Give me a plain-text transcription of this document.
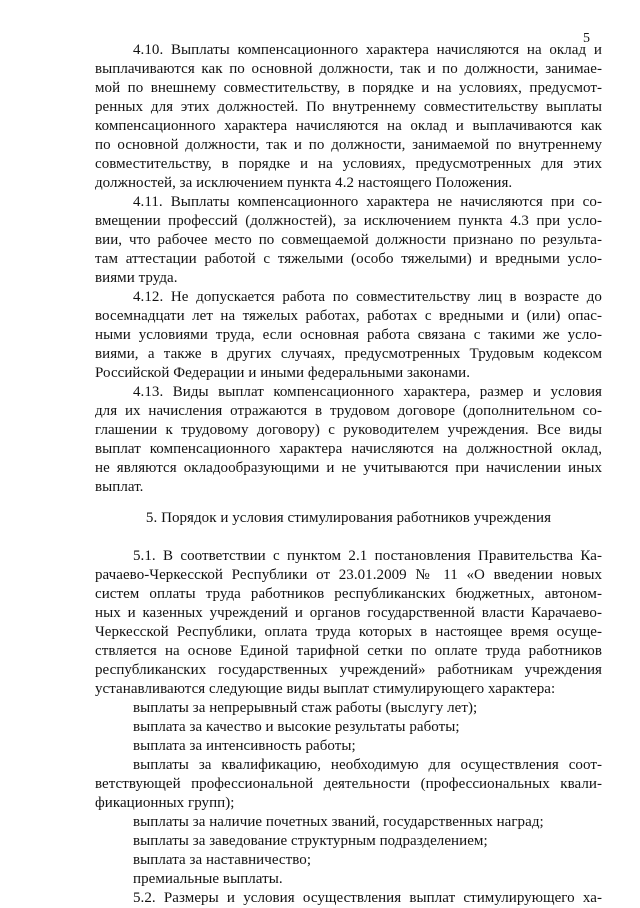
5
4.10. Выплаты компенсационного характера начисляются на оклад и
выплачиваются как по основной должности, так и по должности, занимае-
мой по внешнему совместительству, в порядке и на условиях, предусмот-
ренных для этих должностей. По внутреннему совместительству выплаты
компенсационного характера начисляются на оклад и выплачиваются как
по основной должности, так и по должности, занимаемой по внутреннему
совместительству, в порядке и на условиях, предусмотренных для этих
должностей, за исключением пункта 4.2 настоящего Положения.
4.11. Выплаты компенсационного характера не начисляются при со-
вмещении профессий (должностей), за исключением пункта 4.3 при усло-
вии, что рабочее место по совмещаемой должности признано по результа-
там аттестации работой с тяжелыми (особо тяжелыми) и вредными усло-
виями труда.
4.12. Не допускается работа по совместительству лиц в возрасте до
восемнадцати лет на тяжелых работах, работах с вредными и (или) опас-
ными условиями труда, если основная работа связана с такими же усло-
виями, а также в других случаях, предусмотренных Трудовым кодексом
Российской Федерации и иными федеральными законами.
4.13. Виды выплат компенсационного характера, размер и условия
для их начисления отражаются в трудовом договоре (дополнительном со-
глашении к трудовому договору) с руководителем учреждения. Все виды
выплат компенсационного характера начисляются на должностной оклад,
не являются окладообразующими и не учитываются при начислении иных
выплат.
5. Порядок и условия стимулирования работников учреждения
5.1. В соответствии с пунктом 2.1 постановления Правительства Ка-
рачаево-Черкесской Республики от 23.01.2009 № 11 «О введении новых
систем оплаты труда работников республиканских бюджетных, автоном-
ных и казенных учреждений и органов государственной власти Карачаево-
Черкесской Республики, оплата труда которых в настоящее время осуще-
ствляется на основе Единой тарифной сетки по оплате труда работников
республиканских государственных учреждений» работникам учреждения
устанавливаются следующие виды выплат стимулирующего характера:
выплаты за непрерывный стаж работы (выслугу лет);
выплата за качество и высокие результаты работы;
выплата за интенсивность работы;
выплаты за квалификацию, необходимую для осуществления соот-
ветствующей профессиональной деятельности (профессиональных квали-
фикационных групп);
выплаты за наличие почетных званий, государственных наград;
выплаты за заведование структурным подразделением;
выплата за наставничество;
премиальные выплаты.
5.2. Размеры и условия осуществления выплат стимулирующего ха-
